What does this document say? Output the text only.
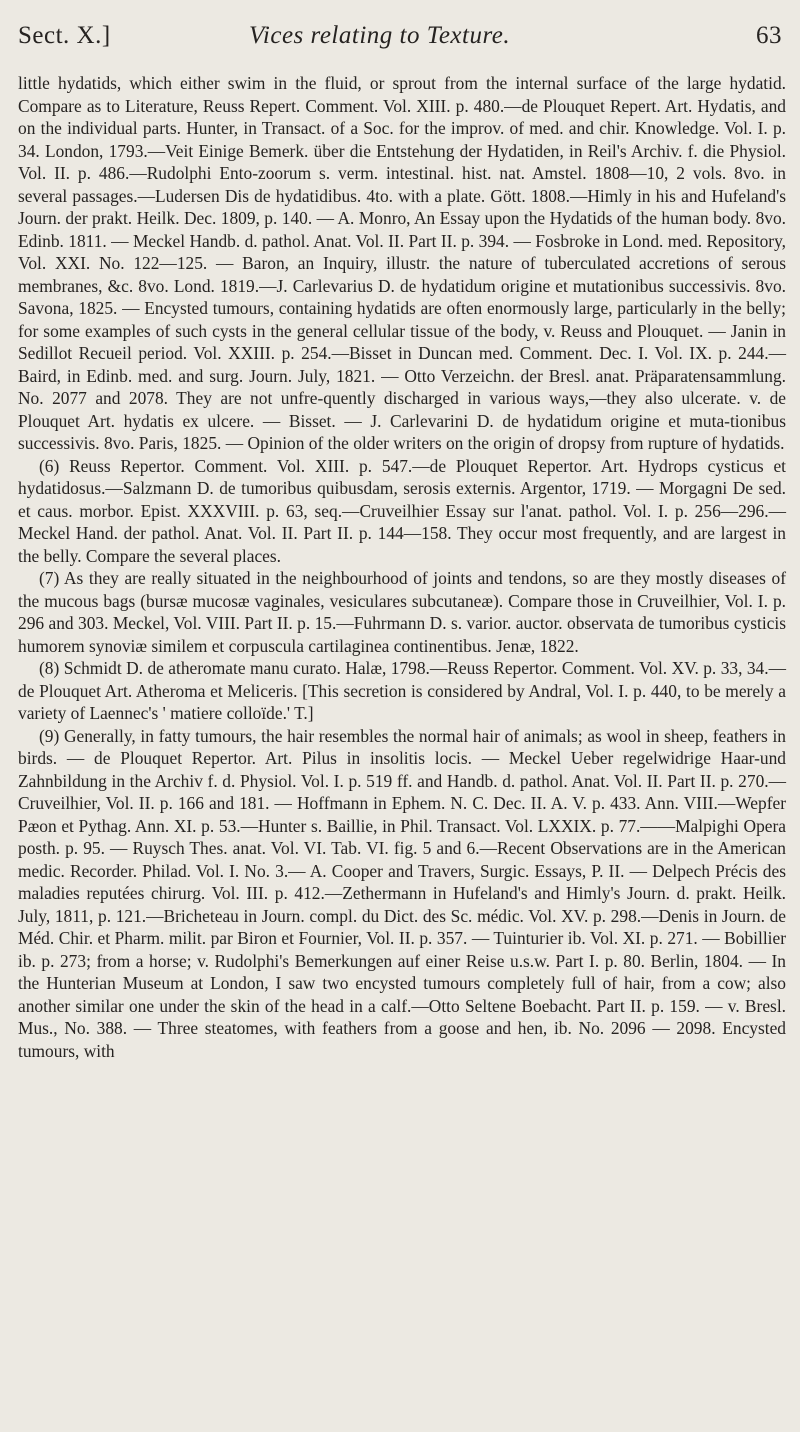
Sect. X.]	Vices relating to Texture.	63

little hydatids, which either swim in the fluid, or sprout from the internal surface of the large hydatid. Compare as to Literature, Reuss Repert. Comment. Vol. XIII. p. 480.—de Plouquet Repert. Art. Hydatis, and on the individual parts. Hunter, in Transact. of a Soc. for the improv. of med. and chir. Knowledge. Vol. I. p. 34. London, 1793.—Veit Einige Bemerk. über die Entstehung der Hydatiden, in Reil's Archiv. f. die Physiol. Vol. II. p. 486.—Rudolphi Ento-zoorum s. verm. intestinal. hist. nat. Amstel. 1808—10, 2 vols. 8vo. in several passages.—Ludersen Dis de hydatidibus. 4to. with a plate. Gött. 1808.—Himly in his and Hufeland's Journ. der prakt. Heilk. Dec. 1809, p. 140. — A. Monro, An Essay upon the Hydatids of the human body. 8vo. Edinb. 1811. — Meckel Handb. d. pathol. Anat. Vol. II. Part II. p. 394. — Fosbroke in Lond. med. Repository, Vol. XXI. No. 122—125. — Baron, an Inquiry, illustr. the nature of tuberculated accretions of serous membranes, &c. 8vo. Lond. 1819.—J. Carlevarius D. de hydatidum origine et mutationibus successivis. 8vo. Savona, 1825. — Encysted tumours, containing hydatids are often enormously large, particularly in the belly; for some examples of such cysts in the general cellular tissue of the body, v. Reuss and Plouquet. — Janin in Sedillot Recueil period. Vol. XXIII. p. 254.—Bisset in Duncan med. Comment. Dec. I. Vol. IX. p. 244.—Baird, in Edinb. med. and surg. Journ. July, 1821. — Otto Verzeichn. der Bresl. anat. Präparatensammlung. No. 2077 and 2078. They are not unfre-quently discharged in various ways,—they also ulcerate. v. de Plouquet Art. hydatis ex ulcere. — Bisset. — J. Carlevarini D. de hydatidum origine et muta-tionibus successivis. 8vo. Paris, 1825. — Opinion of the older writers on the origin of dropsy from rupture of hydatids.

(6) Reuss Repertor. Comment. Vol. XIII. p. 547.—de Plouquet Repertor. Art. Hydrops cysticus et hydatidosus.—Salzmann D. de tumoribus quibusdam, serosis externis. Argentor, 1719. — Morgagni De sed. et caus. morbor. Epist. XXXVIII. p. 63, seq.—Cruveilhier Essay sur l'anat. pathol. Vol. I. p. 256—296.— Meckel Hand. der pathol. Anat. Vol. II. Part II. p. 144—158. They occur most frequently, and are largest in the belly. Compare the several places.

(7) As they are really situated in the neighbourhood of joints and tendons, so are they mostly diseases of the mucous bags (bursæ mucosæ vaginales, vesiculares subcutaneæ). Compare those in Cruveilhier, Vol. I. p. 296 and 303. Meckel, Vol. VIII. Part II. p. 15.—Fuhrmann D. s. varior. auctor. observata de tumoribus cysticis humorem synoviæ similem et corpuscula cartilaginea continentibus. Jenæ, 1822.

(8) Schmidt D. de atheromate manu curato. Halæ, 1798.—Reuss Repertor. Comment. Vol. XV. p. 33, 34.—de Plouquet Art. Atheroma et Meliceris. [This secretion is considered by Andral, Vol. I. p. 440, to be merely a variety of Laennec's ' matiere colloïde.' T.]

(9) Generally, in fatty tumours, the hair resembles the normal hair of animals; as wool in sheep, feathers in birds. — de Plouquet Repertor. Art. Pilus in insolitis locis. — Meckel Ueber regelwidrige Haar-und Zahnbildung in the Archiv f. d. Physiol. Vol. I. p. 519 ff. and Handb. d. pathol. Anat. Vol. II. Part II. p. 270.— Cruveilhier, Vol. II. p. 166 and 181. — Hoffmann in Ephem. N. C. Dec. II. A. V. p. 433. Ann. VIII.—Wepfer Pæon et Pythag. Ann. XI. p. 53.—Hunter s. Baillie, in Phil. Transact. Vol. LXXIX. p. 77.——Malpighi Opera posth. p. 95. — Ruysch Thes. anat. Vol. VI. Tab. VI. fig. 5 and 6.—Recent Observations are in the American medic. Recorder. Philad. Vol. I. No. 3.— A. Cooper and Travers, Surgic. Essays, P. II. — Delpech Précis des maladies reputées chirurg. Vol. III. p. 412.—Zethermann in Hufeland's and Himly's Journ. d. prakt. Heilk. July, 1811, p. 121.—Bricheteau in Journ. compl. du Dict. des Sc. médic. Vol. XV. p. 298.—Denis in Journ. de Méd. Chir. et Pharm. milit. par Biron et Fournier, Vol. II. p. 357. — Tuinturier ib. Vol. XI. p. 271. — Bobillier ib. p. 273; from a horse; v. Rudolphi's Bemerkungen auf einer Reise u.s.w. Part I. p. 80. Berlin, 1804. — In the Hunterian Museum at London, I saw two encysted tumours completely full of hair, from a cow; also another similar one under the skin of the head in a calf.—Otto Seltene Boebacht. Part II. p. 159. — v. Bresl. Mus., No. 388. — Three steatomes, with feathers from a goose and hen, ib. No. 2096 — 2098. Encysted tumours, with
